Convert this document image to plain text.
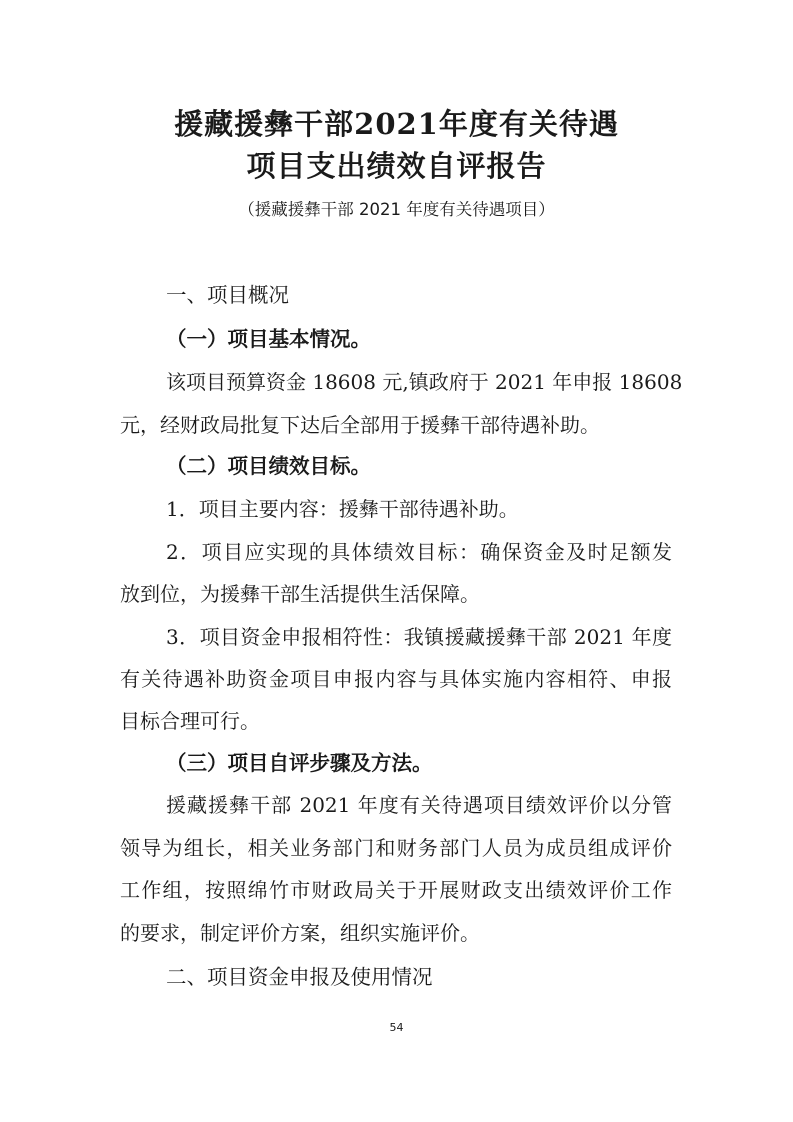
援藏援彝干部2021年度有关待遇
项目支出绩效自评报告
（援藏援彝干部 2021 年度有关待遇项目）
一、项目概况
（一）项目基本情况。
该项目预算资金 18608 元,镇政府于 2021 年申报 18608
元，经财政局批复下达后全部用于援彝干部待遇补助。
（二）项目绩效目标。
1．项目主要内容：援彝干部待遇补助。
2．项目应实现的具体绩效目标：确保资金及时足额发
放到位，为援彝干部生活提供生活保障。
3．项目资金申报相符性：我镇援藏援彝干部 2021 年度
有关待遇补助资金项目申报内容与具体实施内容相符、申报
目标合理可行。
（三）项目自评步骤及方法。
援藏援彝干部 2021 年度有关待遇项目绩效评价以分管
领导为组长，相关业务部门和财务部门人员为成员组成评价
工作组，按照绵竹市财政局关于开展财政支出绩效评价工作
的要求，制定评价方案，组织实施评价。
二、项目资金申报及使用情况
54
